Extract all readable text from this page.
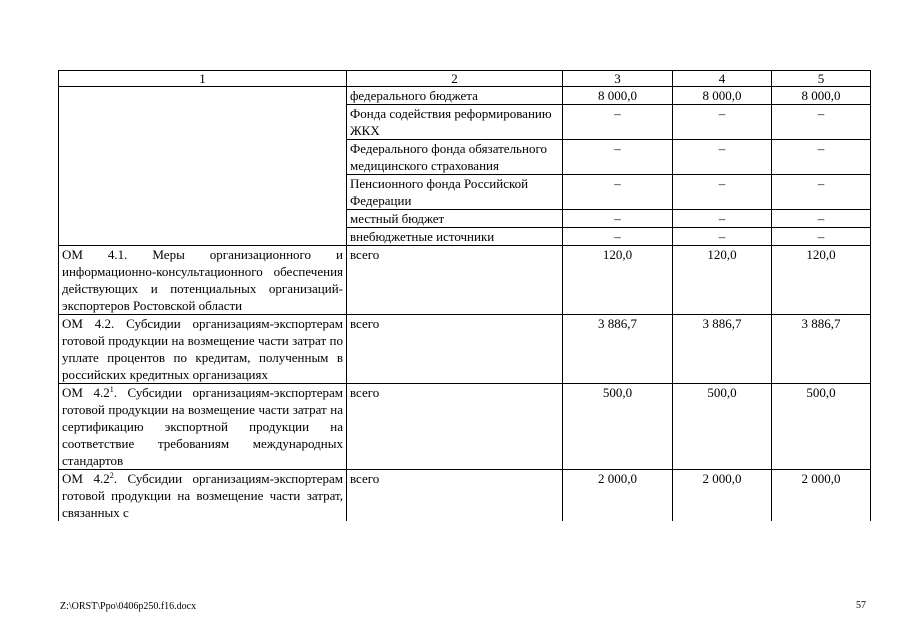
1	2	3	4	5
	федерального бюджета	8 000,0	8 000,0	8 000,0
	Фонда содействия реформированию ЖКХ	–	–	–
	Федерального фонда обязательного медицинского страхования	–	–	–
	Пенсионного фонда Российской Федерации	–	–	–
	местный бюджет	–	–	–
	внебюджетные источники	–	–	–
ОМ 4.1. Меры организационного и информационно-консультационного обеспечения действующих и потенциальных организаций-экспортеров Ростовской области	всего	120,0	120,0	120,0
ОМ 4.2. Субсидии организациям-экспортерам готовой продукции на возмещение части затрат по уплате процентов по кредитам, полученным в российских кредитных организациях	всего	3 886,7	3 886,7	3 886,7
ОМ $4.2^1$. Субсидии организациям-экспортерам готовой продукции на возмещение части затрат на сертификацию экспортной продукции на соответствие требованиям международных стандартов	всего	500,0	500,0	500,0
ОМ $4.2^2$. Субсидии организациям-экспортерам готовой продукции на возмещение части затрат, связанных с	всего	2 000,0	2 000,0	2 000,0
Z:\ORST\Ppo\0406p250.f16.docx	57
